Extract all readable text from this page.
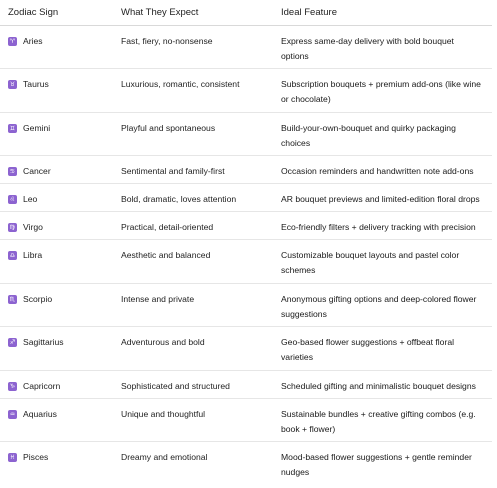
Zodiac Sign	What They Expect	Ideal Feature
♈ Aries	Fast, fiery, no-nonsense	Express same-day delivery with bold bouquet
options
♉ Taurus	Luxurious, romantic, consistent	Subscription bouquets + premium add-ons (like wine
or chocolate)
♊ Gemini	Playful and spontaneous	Build-your-own-bouquet and quirky packaging
choices
♋ Cancer	Sentimental and family-first	Occasion reminders and handwritten note add-ons
♌ Leo	Bold, dramatic, loves attention	AR bouquet previews and limited-edition floral drops
♍ Virgo	Practical, detail-oriented	Eco-friendly filters + delivery tracking with precision
♎ Libra	Aesthetic and balanced	Customizable bouquet layouts and pastel color
schemes
♏ Scorpio	Intense and private	Anonymous gifting options and deep-colored flower
suggestions
♐ Sagittarius	Adventurous and bold	Geo-based flower suggestions + offbeat floral
varieties
♑ Capricorn	Sophisticated and structured	Scheduled gifting and minimalistic bouquet designs
♒ Aquarius	Unique and thoughtful	Sustainable bundles + creative gifting combos (e.g.
book + flower)
♓ Pisces	Dreamy and emotional	Mood-based flower suggestions + gentle reminder
nudges
